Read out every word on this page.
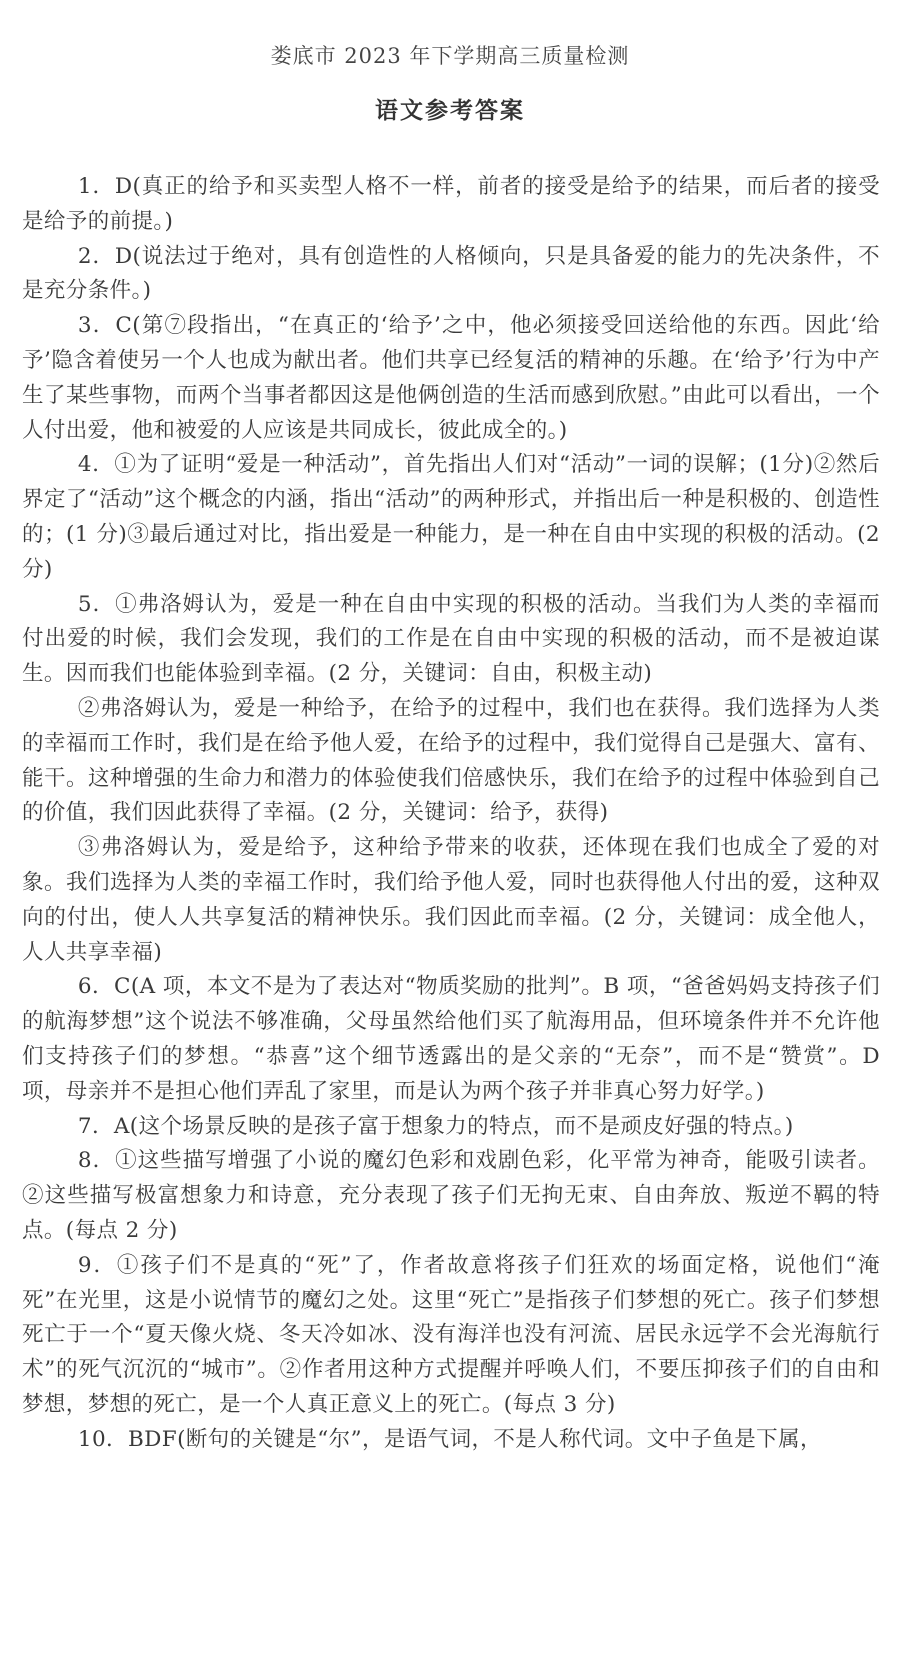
娄底市 2023 年下学期高三质量检测
语文参考答案

1．D(真正的给予和买卖型人格不一样，前者的接受是给予的结果，而后者的接受是给予的前提。)

2．D(说法过于绝对，具有创造性的人格倾向，只是具备爱的能力的先决条件，不是充分条件。)

3．C(第⑦段指出，“在真正的‘给予’之中，他必须接受回送给他的东西。因此‘给予’隐含着使另一个人也成为献出者。他们共享已经复活的精神的乐趣。在‘给予’行为中产生了某些事物，而两个当事者都因这是他俩创造的生活而感到欣慰。”由此可以看出，一个人付出爱，他和被爱的人应该是共同成长，彼此成全的。)

4．①为了证明“爱是一种活动”，首先指出人们对“活动”一词的误解；(1分)②然后界定了“活动”这个概念的内涵，指出“活动”的两种形式，并指出后一种是积极的、创造性的；(1 分)③最后通过对比，指出爱是一种能力，是一种在自由中实现的积极的活动。(2 分)

5．①弗洛姆认为，爱是一种在自由中实现的积极的活动。当我们为人类的幸福而付出爱的时候，我们会发现，我们的工作是在自由中实现的积极的活动，而不是被迫谋生。因而我们也能体验到幸福。(2 分，关键词：自由，积极主动)

②弗洛姆认为，爱是一种给予，在给予的过程中，我们也在获得。我们选择为人类的幸福而工作时，我们是在给予他人爱，在给予的过程中，我们觉得自己是强大、富有、能干。这种增强的生命力和潜力的体验使我们倍感快乐，我们在给予的过程中体验到自己的价值，我们因此获得了幸福。(2 分，关键词：给予，获得)

③弗洛姆认为，爱是给予，这种给予带来的收获，还体现在我们也成全了爱的对象。我们选择为人类的幸福工作时，我们给予他人爱，同时也获得他人付出的爱，这种双向的付出，使人人共享复活的精神快乐。我们因此而幸福。(2 分，关键词：成全他人，人人共享幸福)

6．C(A 项，本文不是为了表达对“物质奖励的批判”。B 项，“爸爸妈妈支持孩子们的航海梦想”这个说法不够准确，父母虽然给他们买了航海用品，但环境条件并不允许他们支持孩子们的梦想。“恭喜”这个细节透露出的是父亲的“无奈”，而不是“赞赏”。D 项，母亲并不是担心他们弄乱了家里，而是认为两个孩子并非真心努力好学。)

7．A(这个场景反映的是孩子富于想象力的特点，而不是顽皮好强的特点。)

8．①这些描写增强了小说的魔幻色彩和戏剧色彩，化平常为神奇，能吸引读者。②这些描写极富想象力和诗意，充分表现了孩子们无拘无束、自由奔放、叛逆不羁的特点。(每点 2 分)

9．①孩子们不是真的“死”了，作者故意将孩子们狂欢的场面定格，说他们“淹死”在光里，这是小说情节的魔幻之处。这里“死亡”是指孩子们梦想的死亡。孩子们梦想死亡于一个“夏天像火烧、冬天冷如冰、没有海洋也没有河流、居民永远学不会光海航行术”的死气沉沉的“城市”。②作者用这种方式提醒并呼唤人们，不要压抑孩子们的自由和梦想，梦想的死亡，是一个人真正意义上的死亡。(每点 3 分)

10．BDF(断句的关键是“尔”，是语气词，不是人称代词。文中子鱼是下属，
